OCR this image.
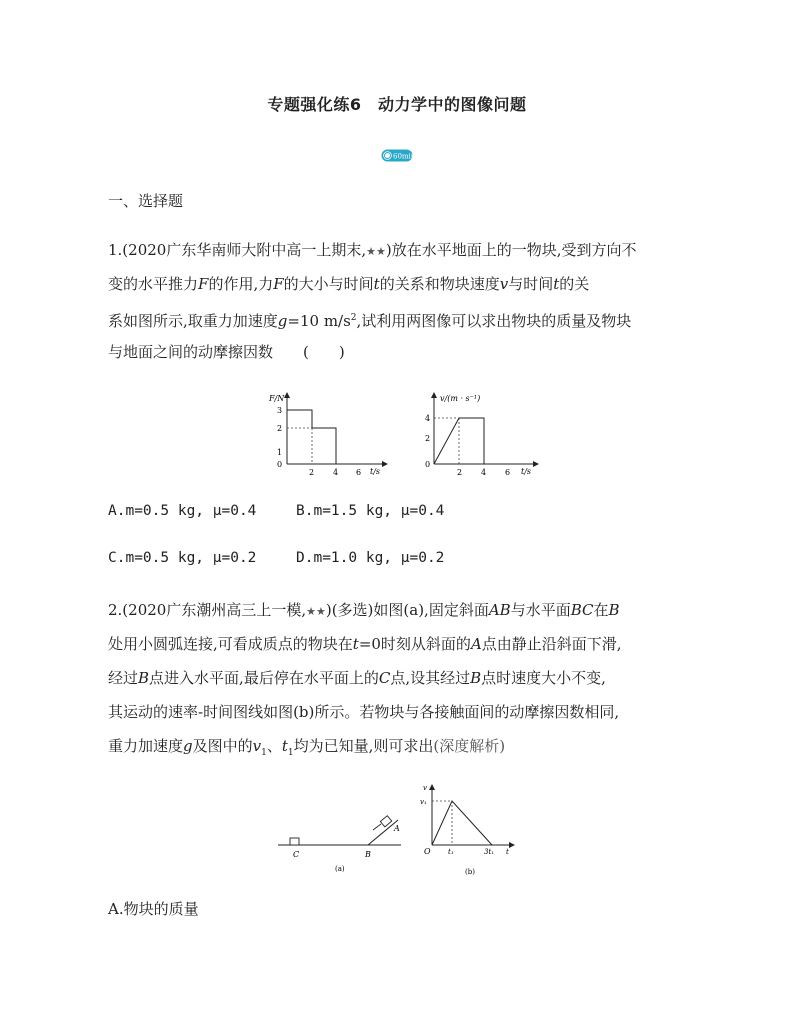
专题强化练6　动力学中的图像问题
60min
一、选择题
1.(2020广东华南师大附中高一上期末,★★)放在水平地面上的一物块,受到方向不
变的水平推力F的作用,力F的大小与时间t的关系和物块速度v与时间t的关
系如图所示,取重力加速度g=10 $m/s^2$,试利用两图像可以求出物块的质量及物块
与地面之间的动摩擦因数　　(　　)
F/N
t/s
0
1
2
3
2 4 6
v/(m · s⁻¹)
t/s
0
2
4
2 4 6
A.m=0.5 kg, μ=0.4	B.m=1.5 kg, μ=0.4
C.m=0.5 kg, μ=0.2	D.m=1.0 kg, μ=0.2
2.(2020广东潮州高三上一模,★★)(多选)如图(a),固定斜面AB与水平面BC在B
处用小圆弧连接,可看成质点的物块在t=0时刻从斜面的A点由静止沿斜面下滑,
经过B点进入水平面,最后停在水平面上的C点,设其经过B点时速度大小不变,
其运动的速率-时间图线如图(b)所示。若物块与各接触面间的动摩擦因数相同,
重力加速度g及图中的$v_1$、$t_1$均为已知量,则可求出(深度解析)
C	B
A
(a)
v
t
O
v₁
t₁	3t₁
(b)
A.物块的质量
